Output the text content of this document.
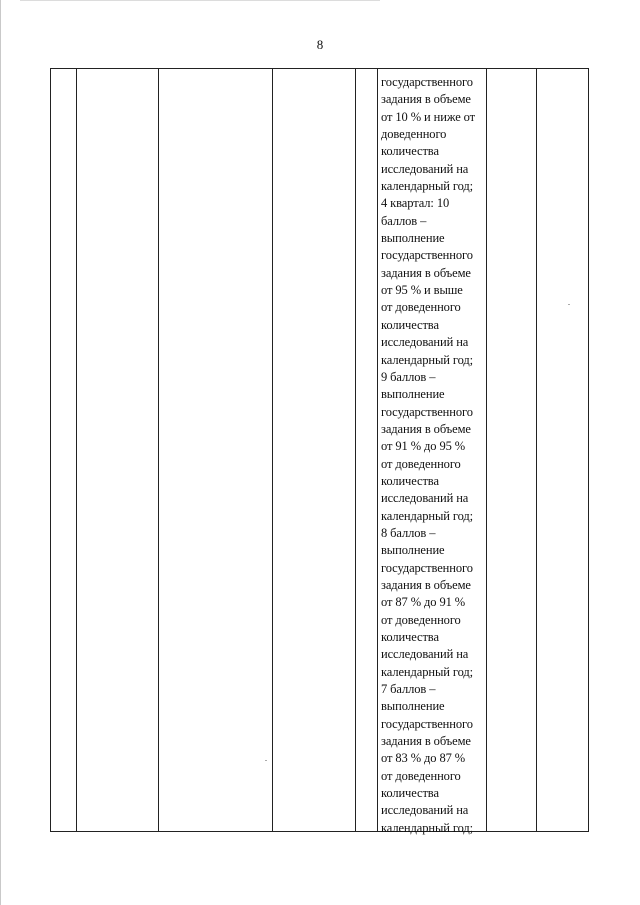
8
государственного
задания в объеме
от 10 % и ниже от
доведенного
количества
исследований на
календарный год;
4 квартал: 10
баллов –
выполнение
государственного
задания в объеме
от 95 % и выше
от доведенного
количества
исследований на
календарный год;
9 баллов –
выполнение
государственного
задания в объеме
от 91 % до 95 %
от доведенного
количества
исследований на
календарный год;
8 баллов –
выполнение
государственного
задания в объеме
от 87 % до 91 %
от доведенного
количества
исследований на
календарный год;
7 баллов –
выполнение
государственного
задания в объеме
от 83 % до 87 %
от доведенного
количества
исследований на
календарный год;
